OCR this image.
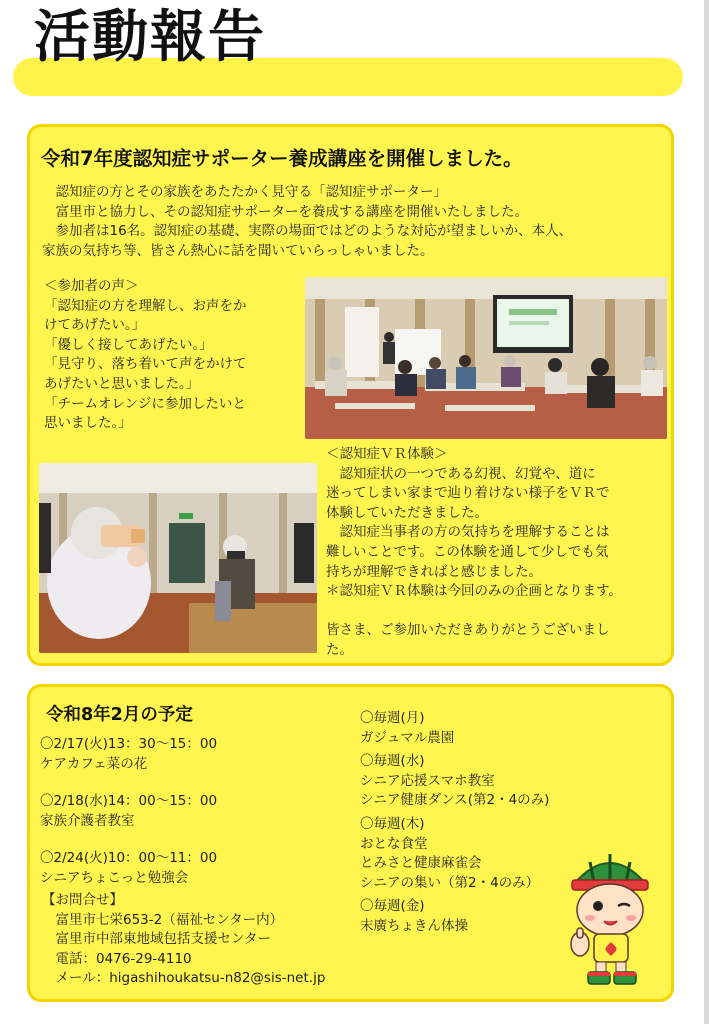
活動報告
令和7年度認知症サポーター養成講座を開催しました。

認知症の方とその家族をあたたかく見守る「認知症サポーター」

富里市と協力し、その認知症サポーターを養成する講座を開催いたしました。

参加者は16名。認知症の基礎、実際の場面ではどのような対応が望ましいか、本人、

家族の気持ち等、皆さん熱心に話を聞いていらっしゃいました。

＜参加者の声＞

「認知症の方を理解し、お声をか

けてあげたい。」

「優しく接してあげたい。」

「見守り、落ち着いて声をかけて

あげたいと思いました。」

「チームオレンジに参加したいと

思いました。」

＜認知症ＶＲ体験＞

認知症状の一つである幻視、幻覚や、道に

迷ってしまい家まで辿り着けない様子をＶＲで

体験していただきました。

認知症当事者の方の気持ちを理解することは

難しいことです。この体験を通して少しでも気

持ちが理解できればと感じました。

＊認知症ＶＲ体験は今回のみの企画となります。

皆さま、ご参加いただきありがとうございまし

た。

令和8年2月の予定

〇2/17(火)13：30～15：00

ケアカフェ菜の花

〇2/18(水)14：00～15：00

家族介護者教室

〇2/24(火)10：00～11：00

シニアちょこっと勉強会

【お問合せ】

富里市七栄653-2（福祉センター内）

富里市中部東地域包括支援センター

電話：0476-29-4110

メール：higashihoukatsu-n82@sis-net.jp

〇毎週(月)

ガジュマル農園

〇毎週(水)

シニア応援スマホ教室

シニア健康ダンス(第2・4のみ)

〇毎週(木)

おとな食堂

とみさと健康麻雀会

シニアの集い（第2・4のみ）

〇毎週(金)

末廣ちょきん体操
